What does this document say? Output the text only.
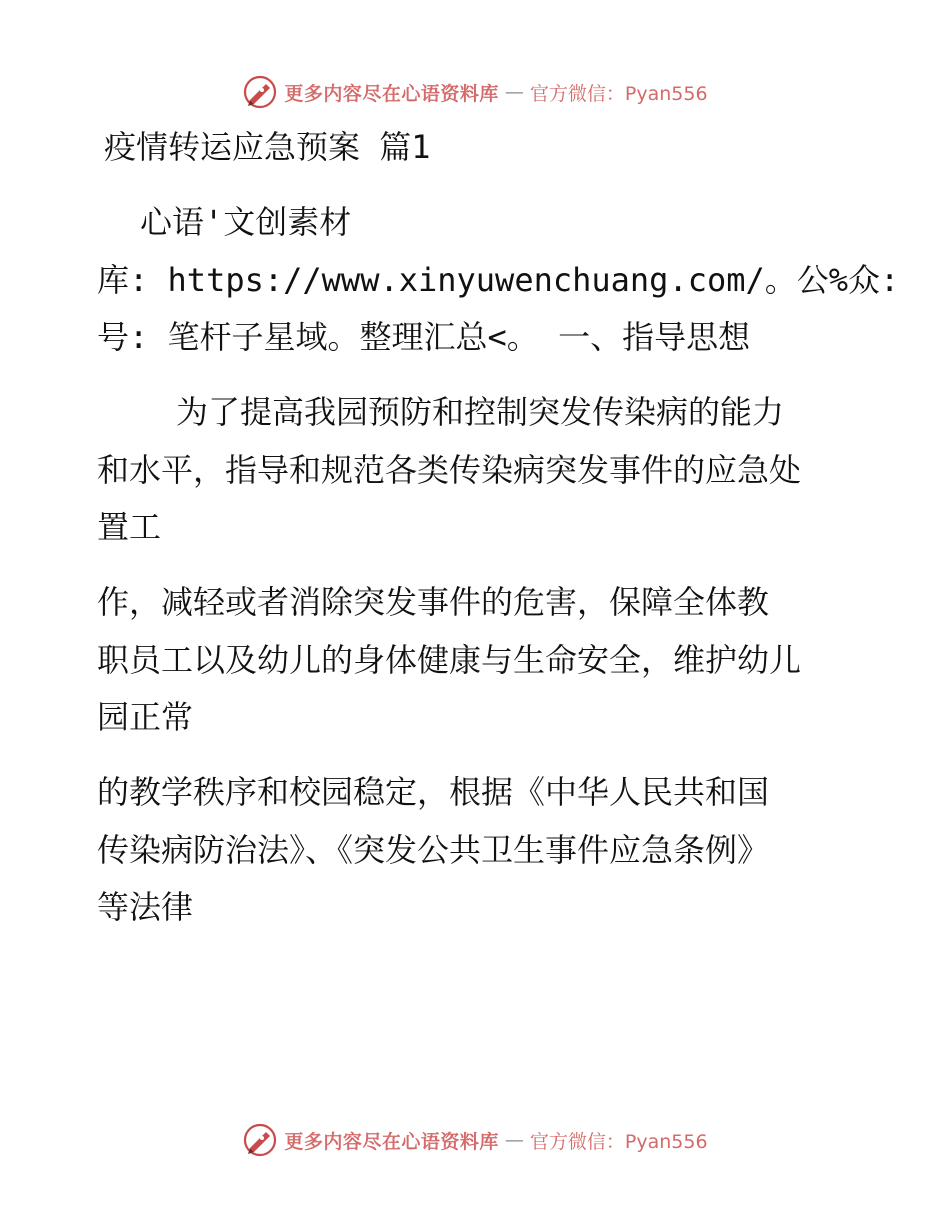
更多内容尽在心语资料库 — 官方微信：Pyan556
疫情转运应急预案 篇1
心语'文创素材
库: https://www.xinyuwenchuang.com/。公%众:
号: 笔杆子星域。整理汇总<。 一、指导思想
为了提高我园预防和控制突发传染病的能力
和水平，指导和规范各类传染病突发事件的应急处
置工
作，减轻或者消除突发事件的危害，保障全体教
职员工以及幼儿的身体健康与生命安全，维护幼儿
园正常
的教学秩序和校园稳定，根据《中华人民共和国
传染病防治法》、《突发公共卫生事件应急条例》
等法律
更多内容尽在心语资料库 — 官方微信：Pyan556
